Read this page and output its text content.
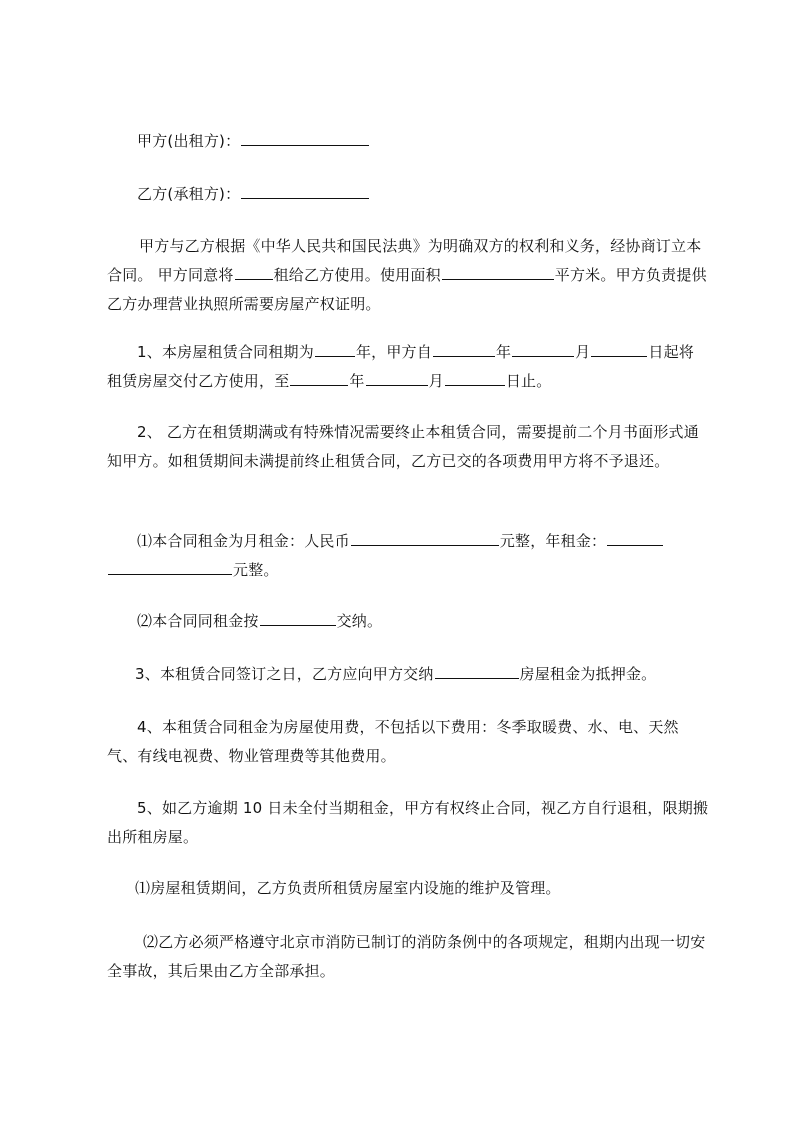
甲方(出租方)：
乙方(承租方)：
甲方与乙方根据《中华人民共和国民法典》为明确双方的权利和义务，经协商订立本合同。 甲方同意将	租给乙方使用。使用面积	平方米。甲方负责提供乙方办理营业执照所需要房屋产权证明。
1、本房屋租赁合同租期为	年，甲方自	年	月	日起将租赁房屋交付乙方使用，至	年	月	日止。
2、 乙方在租赁期满或有特殊情况需要终止本租赁合同，需要提前二个月书面形式通知甲方。如租赁期间未满提前终止租赁合同，乙方已交的各项费用甲方将不予退还。
⑴本合同租金为月租金：人民币	元整，年租金：元整。
⑵本合同同租金按	交纳。
3、本租赁合同签订之日，乙方应向甲方交纳	房屋租金为抵押金。
4、本租赁合同租金为房屋使用费，不包括以下费用：冬季取暖费、水、电、天然气、有线电视费、物业管理费等其他费用。
5、如乙方逾期 10 日未全付当期租金，甲方有权终止合同，视乙方自行退租，限期搬出所租房屋。
⑴房屋租赁期间，乙方负责所租赁房屋室内设施的维护及管理。
⑵乙方必须严格遵守北京市消防已制订的消防条例中的各项规定，租期内出现一切安全事故，其后果由乙方全部承担。
